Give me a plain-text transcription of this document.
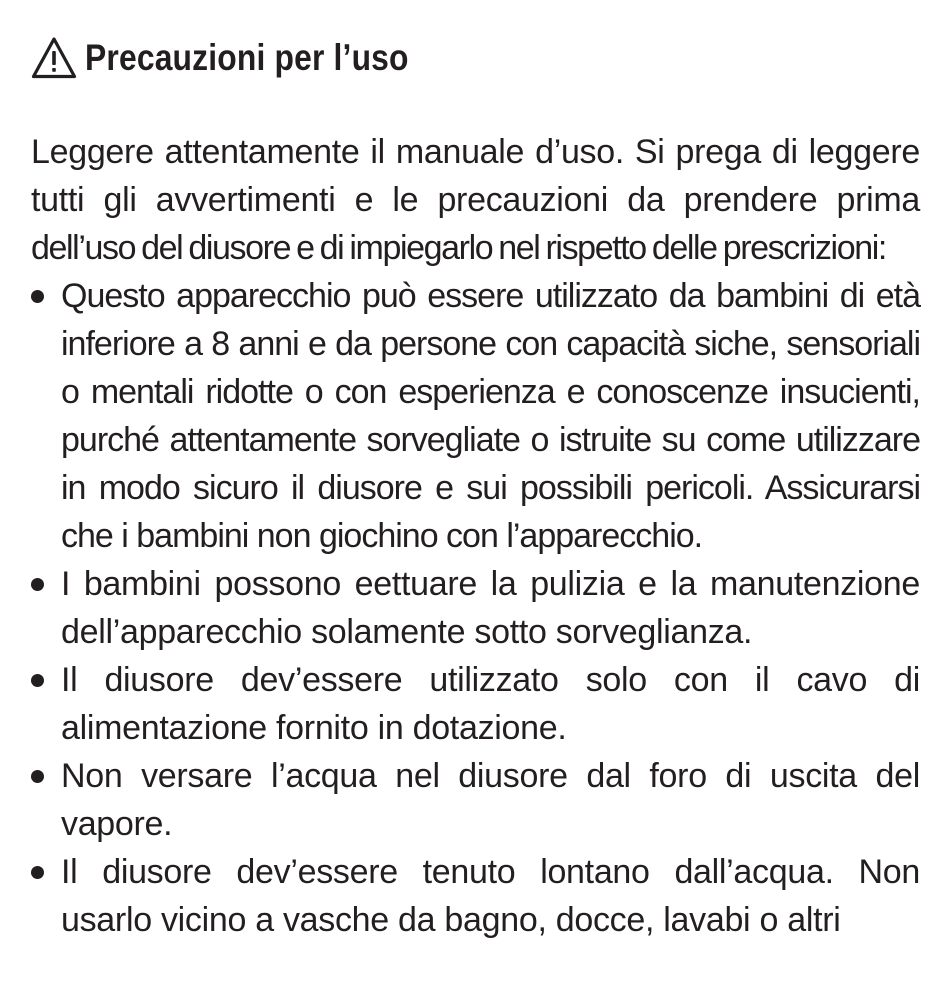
Precauzioni per l’uso
Leggere attentamente il manuale d’uso. Si prega di leggere tutti gli avvertimenti e le precauzioni da prendere prima dell’uso del diusore e di impiegarlo nel rispetto delle prescrizioni:
Questo apparecchio può essere utilizzato da bambini di età inferiore a 8 anni e da persone con capacità siche, sensoriali o mentali ridotte o con esperienza e conoscenze insucienti, purché attentamente sorvegliate o istruite su come utilizzare in modo sicuro il diusore e sui possibili pericoli. Assicurarsi che i bambini non giochino con l’apparecchio.
I bambini possono eettuare la pulizia e la manutenzione dell’apparecchio solamente sotto sorveglianza.
Il diusore dev’essere utilizzato solo con il cavo di alimentazione fornito in dotazione.
Non versare l’acqua nel diusore dal foro di uscita del vapore.
Il diusore dev’essere tenuto lontano dall’acqua. Non usarlo vicino a vasche da bagno, docce, lavabi o altri
